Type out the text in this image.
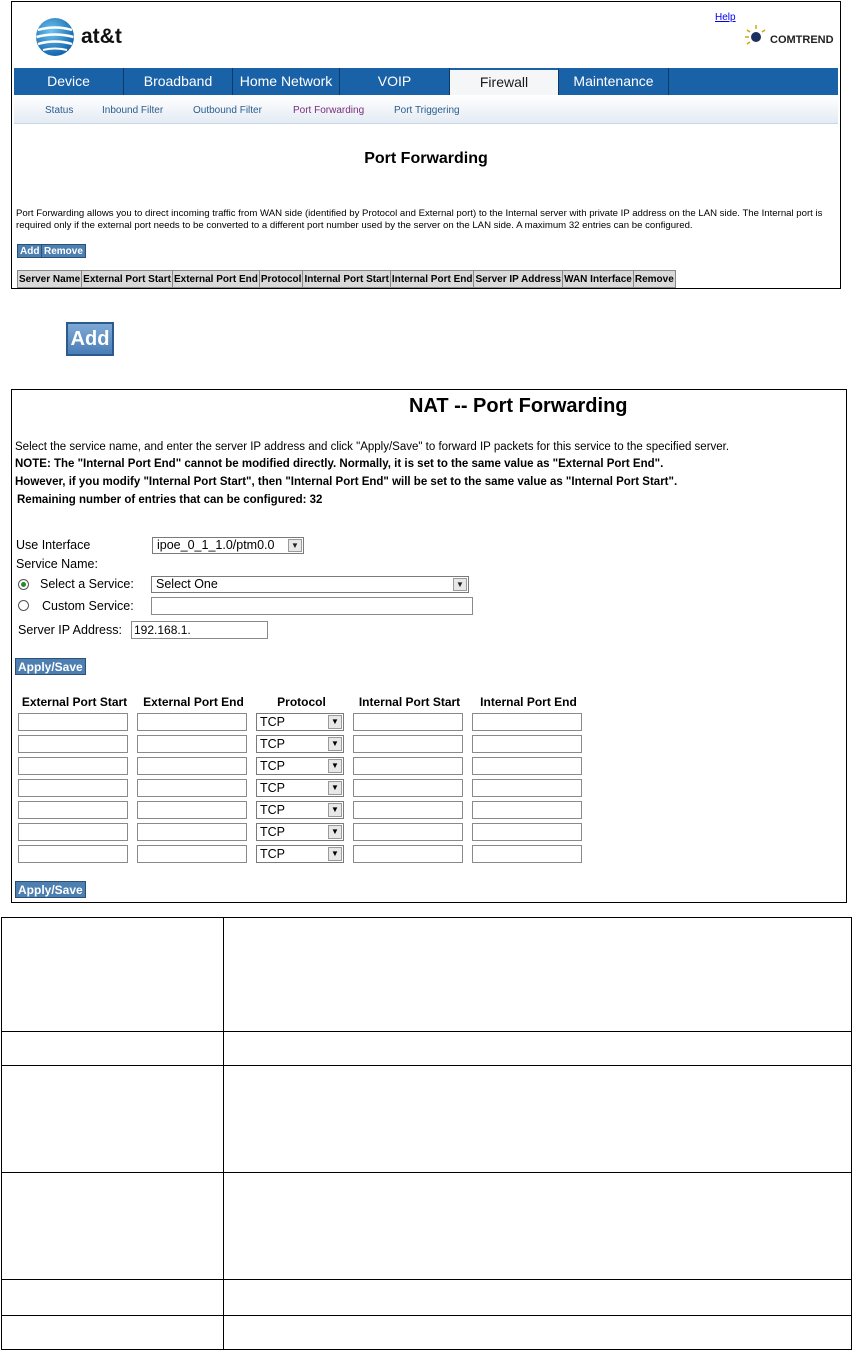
at&t
Help
COMTREND
Device	Broadband	Home Network	VOIP	Firewall	Maintenance
Status	Inbound Filter	Outbound Filter	Port Forwarding	Port Triggering
Port Forwarding
Port Forwarding allows you to direct incoming traffic from WAN side (identified by Protocol and External port) to the Internal server with private IP address on the LAN side. The Internal port is required only if the external port needs to be converted to a different port number used by the server on the LAN side. A maximum 32 entries can be configured.
Add Remove
Server Name	External Port Start	External Port End	Protocol	Internal Port Start	Internal Port End	Server IP Address	WAN Interface	Remove
Add
NAT -- Port Forwarding
Select the service name, and enter the server IP address and click "Apply/Save" to forward IP packets for this service to the specified server.
NOTE: The "Internal Port End" cannot be modified directly. Normally, it is set to the same value as "External Port End".
However, if you modify "Internal Port Start", then "Internal Port End" will be set to the same value as "Internal Port Start".
Remaining number of entries that can be configured: 32
Use Interface	ipoe_0_1_1.0/ptm0.0	▼
Service Name:
Select a Service:	Select One	▼
Custom Service:
Server IP Address: 192.168.1.
Apply/Save
External Port Start	External Port End	Protocol	Internal Port Start	Internal Port End

		TCP ▼		

		TCP ▼		

		TCP ▼		

		TCP ▼		

		TCP ▼		

		TCP ▼		

		TCP ▼		

Apply/Save
